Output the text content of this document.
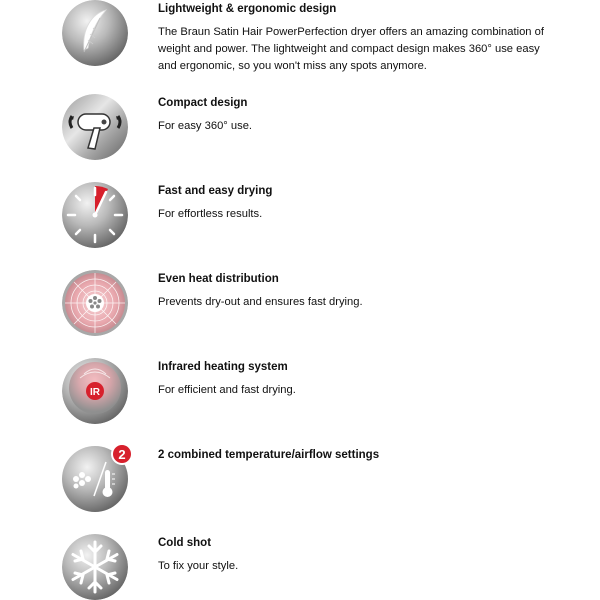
Lightweight & ergonomic design
The Braun Satin Hair PowerPerfection dryer offers an amazing combination of weight and power. The lightweight and compact design makes 360° use easy and ergonomic, so you won't miss any spots anymore.
Compact design
For easy 360° use.
Fast and easy drying
For effortless results.
Even heat distribution
Prevents dry-out and ensures fast drying.
IR
Infrared heating system
For efficient and fast drying.
2	2 combined temperature/airflow settings
Cold shot
To fix your style.
